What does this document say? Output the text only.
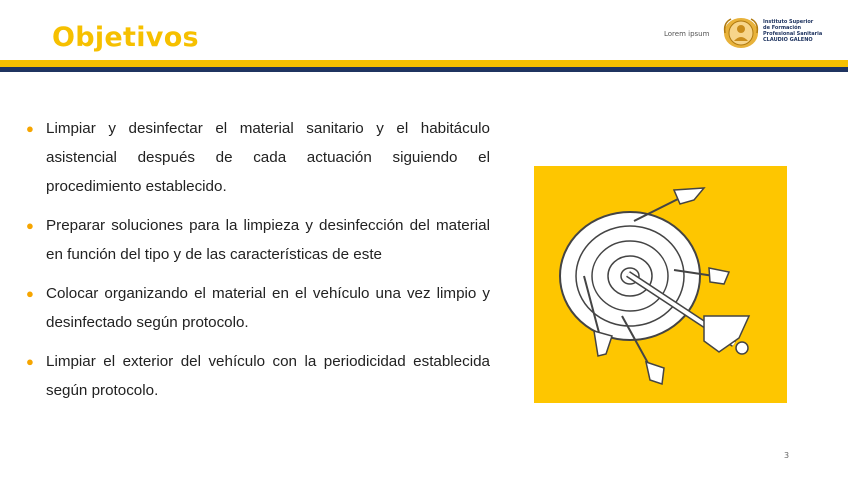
Objetivos	Lorem ipsum
Instituto Superior
de Formación
Profesional Sanitaria
CLAUDIO GALENO
● Limpiar y desinfectar el material sanitario y el habitáculo asistencial después de cada actuación siguiendo el procedimiento establecido.
● Preparar soluciones para la limpieza y desinfección del material en función del tipo y de las características de este
● Colocar organizando el material en el vehículo una vez limpio y desinfectado según protocolo.
● Limpiar el exterior del vehículo con la periodicidad establecida según protocolo.
3
